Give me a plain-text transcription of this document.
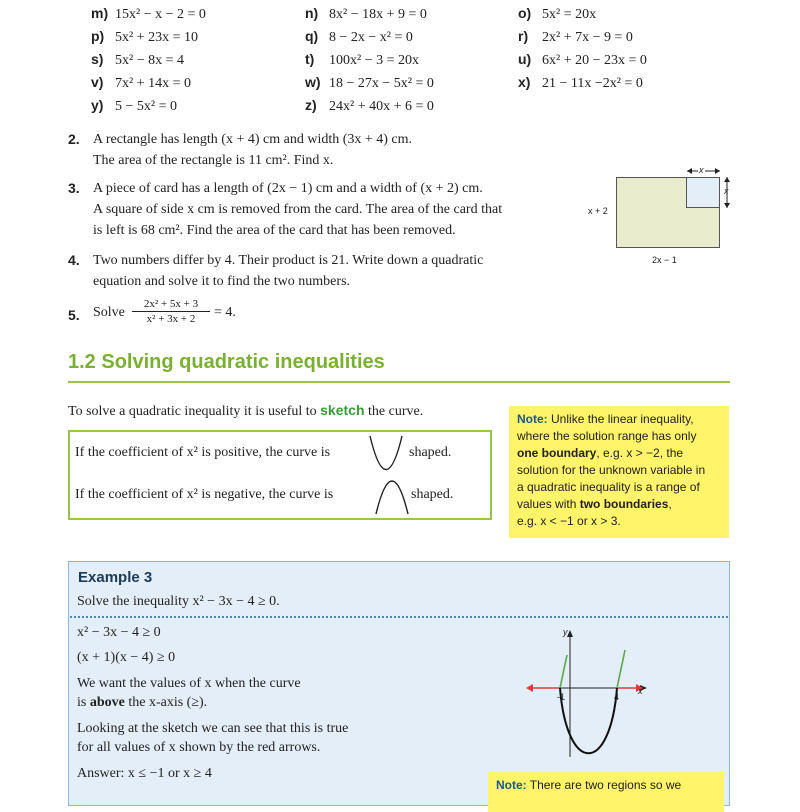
m) 15x² − x − 2 = 0	n) 8x² − 18x + 9 = 0	o) 5x² = 20x
p) 5x² + 23x = 10	q) 8 − 2x − x² = 0	r) 2x² + 7x − 9 = 0
s) 5x² − 8x = 4	t) 100x² − 3 = 20x	u) 6x² + 20 − 23x = 0
v) 7x² + 14x = 0	w) 18 − 27x − 5x² = 0	x) 21 − 11x −2x² = 0
y) 5 − 5x² = 0	z) 24x² + 40x + 6 = 0
2. A rectangle has length (x + 4) cm and width (3x + 4) cm.
The area of the rectangle is 11 cm². Find x.
3. A piece of card has a length of (2x − 1) cm and a width of (x + 2) cm.
A square of side x cm is removed from the card. The area of the card that
is left is 68 cm². Find the area of the card that has been removed.
x
x
x + 2
2x − 1
4. Two numbers differ by 4. Their product is 21. Write down a quadratic
equation and solve it to find the two numbers.
5. Solve $\frac{\text{2x² + 5x + 3}}{\text{x² + 3x + 2}} = 4$.
1.2 Solving quadratic inequalities
To solve a quadratic inequality it is useful to sketch the curve.
If the coefficient of x² is positive, the curve is	shaped.
If the coefficient of x² is negative, the curve is	shaped.
Note: Unlike the linear inequality,
where the solution range has only
one boundary, e.g. x > −2, the
solution for the unknown variable in
a quadratic inequality is a range of
values with two boundaries,
e.g. x < −1 or x > 3.
Example 3
Solve the inequality x² − 3x − 4 ≥ 0.
x² − 3x − 4 ≥ 0
(x + 1)(x − 4) ≥ 0
We want the values of x when the curve
is above the x-axis (≥).
Looking at the sketch we can see that this is true
for all values of x shown by the red arrows.
Answer: x ≤ −1 or x ≥ 4
y
x
-1	4
Note: There are two regions so we
